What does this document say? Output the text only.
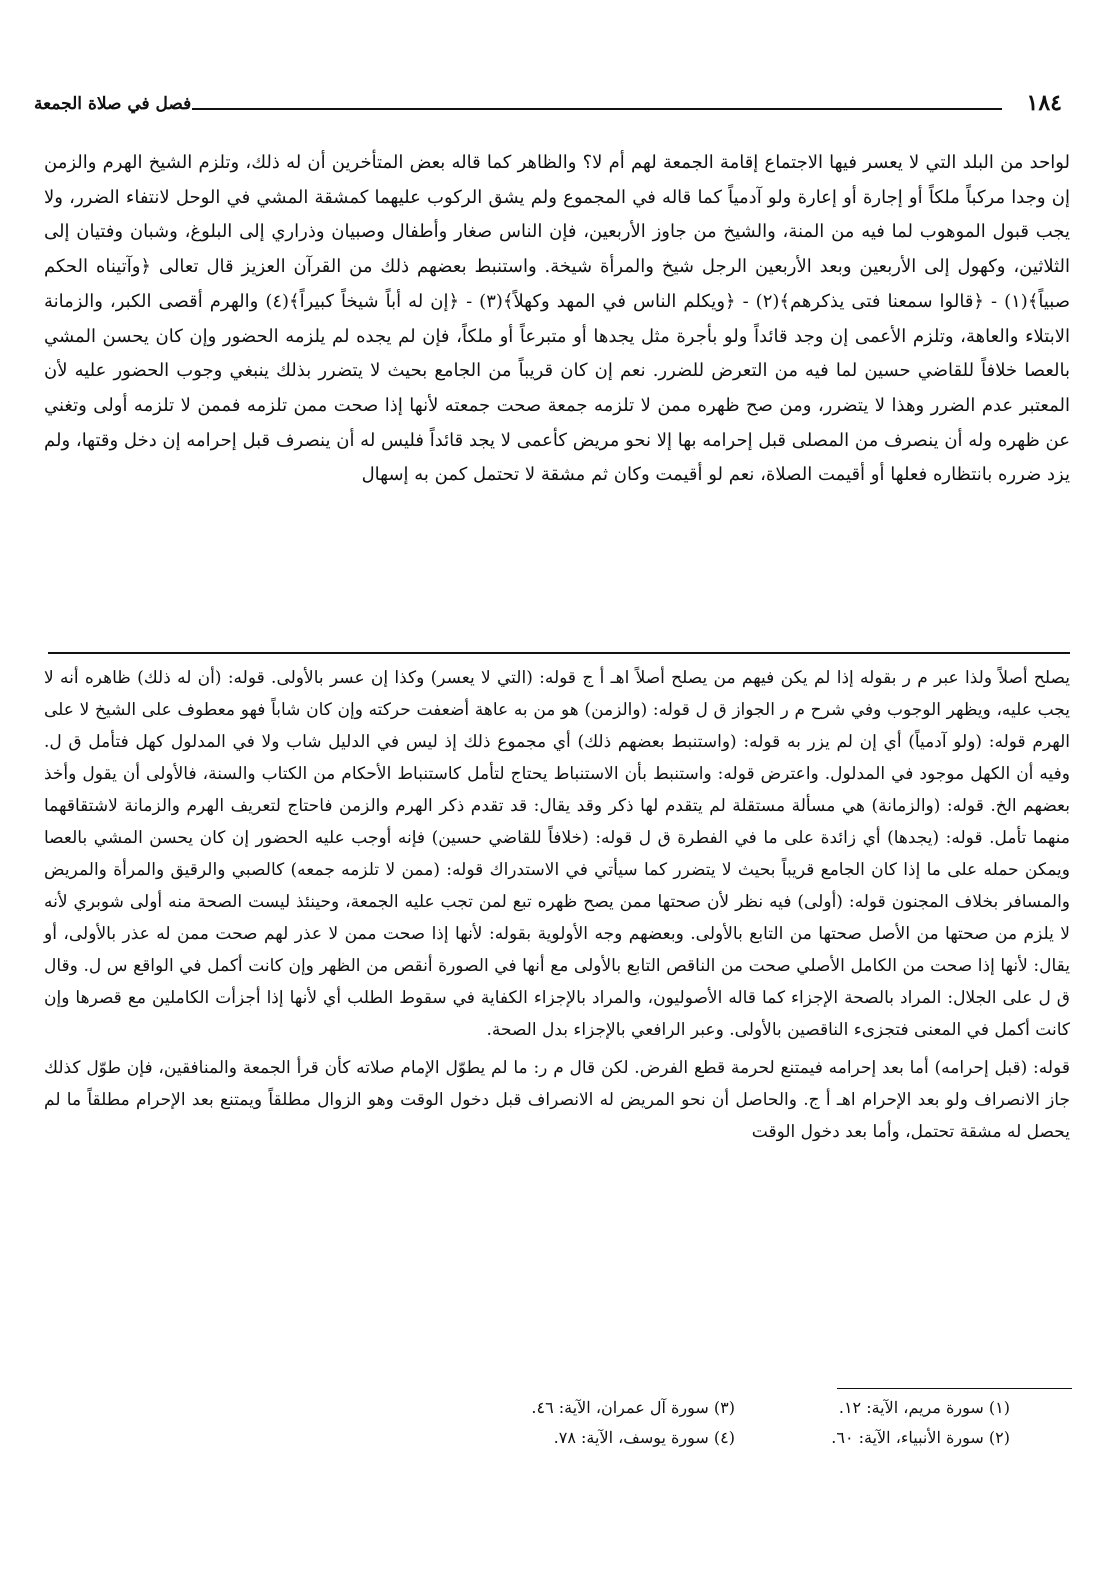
١٨٤
فصل في صلاة الجمعة

لواحد من البلد التي لا يعسر فيها الاجتماع إقامة الجمعة لهم أم لا؟ والظاهر كما قاله بعض المتأخرين أن له ذلك، وتلزم الشيخ الهرم والزمن إن وجدا مركباً ملكاً أو إجارة أو إعارة ولو آدمياً كما قاله في المجموع ولم يشق الركوب عليهما كمشقة المشي في الوحل لانتفاء الضرر، ولا يجب قبول الموهوب لما فيه من المنة، والشيخ من جاوز الأربعين، فإن الناس صغار وأطفال وصبيان وذراري إلى البلوغ، وشبان وفتيان إلى الثلاثين، وكهول إلى الأربعين وبعد الأربعين الرجل شيخ والمرأة شيخة. واستنبط بعضهم ذلك من القرآن العزيز قال تعالى ﴿وآتيناه الحكم صبياً﴾(١) - ﴿قالوا سمعنا فتى يذكرهم﴾(٢) - ﴿ويكلم الناس في المهد وكهلاً﴾(٣) - ﴿إن له أباً شيخاً كبيراً﴾(٤) والهرم أقصى الكبر، والزمانة الابتلاء والعاهة، وتلزم الأعمى إن وجد قائداً ولو بأجرة مثل يجدها أو متبرعاً أو ملكاً، فإن لم يجده لم يلزمه الحضور وإن كان يحسن المشي بالعصا خلافاً للقاضي حسين لما فيه من التعرض للضرر. نعم إن كان قريباً من الجامع بحيث لا يتضرر بذلك ينبغي وجوب الحضور عليه لأن المعتبر عدم الضرر وهذا لا يتضرر، ومن صح ظهره ممن لا تلزمه جمعة صحت جمعته لأنها إذا صحت ممن تلزمه فممن لا تلزمه أولى وتغني عن ظهره وله أن ينصرف من المصلى قبل إحرامه بها إلا نحو مريض كأعمى لا يجد قائداً فليس له أن ينصرف قبل إحرامه إن دخل وقتها، ولم يزد ضرره بانتظاره فعلها أو أقيمت الصلاة، نعم لو أقيمت وكان ثم مشقة لا تحتمل كمن به إسهال

يصلح أصلاً ولذا عبر م ر بقوله إذا لم يكن فيهم من يصلح أصلاً اهـ أ ج قوله: (التي لا يعسر) وكذا إن عسر بالأولى. قوله: (أن له ذلك) ظاهره أنه لا يجب عليه، ويظهر الوجوب وفي شرح م ر الجواز ق ل قوله: (والزمن) هو من به عاهة أضعفت حركته وإن كان شاباً فهو معطوف على الشيخ لا على الهرم قوله: (ولو آدمياً) أي إن لم يزر به قوله: (واستنبط بعضهم ذلك) أي مجموع ذلك إذ ليس في الدليل شاب ولا في المدلول كهل فتأمل ق ل. وفيه أن الكهل موجود في المدلول. واعترض قوله: واستنبط بأن الاستنباط يحتاج لتأمل كاستنباط الأحكام من الكتاب والسنة، فالأولى أن يقول وأخذ بعضهم الخ. قوله: (والزمانة) هي مسألة مستقلة لم يتقدم لها ذكر وقد يقال: قد تقدم ذكر الهرم والزمن فاحتاج لتعريف الهرم والزمانة لاشتقاقهما منهما تأمل. قوله: (يجدها) أي زائدة على ما في الفطرة ق ل قوله: (خلافاً للقاضي حسين) فإنه أوجب عليه الحضور إن كان يحسن المشي بالعصا ويمكن حمله على ما إذا كان الجامع قريباً بحيث لا يتضرر كما سيأتي في الاستدراك قوله: (ممن لا تلزمه جمعه) كالصبي والرقيق والمرأة والمريض والمسافر بخلاف المجنون قوله: (أولى) فيه نظر لأن صحتها ممن يصح ظهره تبع لمن تجب عليه الجمعة، وحينئذ ليست الصحة منه أولى شوبري لأنه لا يلزم من صحتها من الأصل صحتها من التابع بالأولى. وبعضهم وجه الأولوية بقوله: لأنها إذا صحت ممن لا عذر لهم صحت ممن له عذر بالأولى، أو يقال: لأنها إذا صحت من الكامل الأصلي صحت من الناقص التابع بالأولى مع أنها في الصورة أنقص من الظهر وإن كانت أكمل في الواقع س ل. وقال ق ل على الجلال: المراد بالصحة الإجزاء كما قاله الأصوليون، والمراد بالإجزاء الكفاية في سقوط الطلب أي لأنها إذا أجزأت الكاملين مع قصرها وإن كانت أكمل في المعنى فتجزىء الناقصين بالأولى. وعبر الرافعي بالإجزاء بدل الصحة.

قوله: (قبل إحرامه) أما بعد إحرامه فيمتنع لحرمة قطع الفرض. لكن قال م ر: ما لم يطوّل الإمام صلاته كأن قرأ الجمعة والمنافقين، فإن طوّل كذلك جاز الانصراف ولو بعد الإحرام اهـ أ ج. والحاصل أن نحو المريض له الانصراف قبل دخول الوقت وهو الزوال مطلقاً ويمتنع بعد الإحرام مطلقاً ما لم يحصل له مشقة تحتمل، وأما بعد دخول الوقت

(١) سورة مريم، الآية: ١٢.
(٢) سورة الأنبياء، الآية: ٦٠.
(٣) سورة آل عمران، الآية: ٤٦.
(٤) سورة يوسف، الآية: ٧٨.
